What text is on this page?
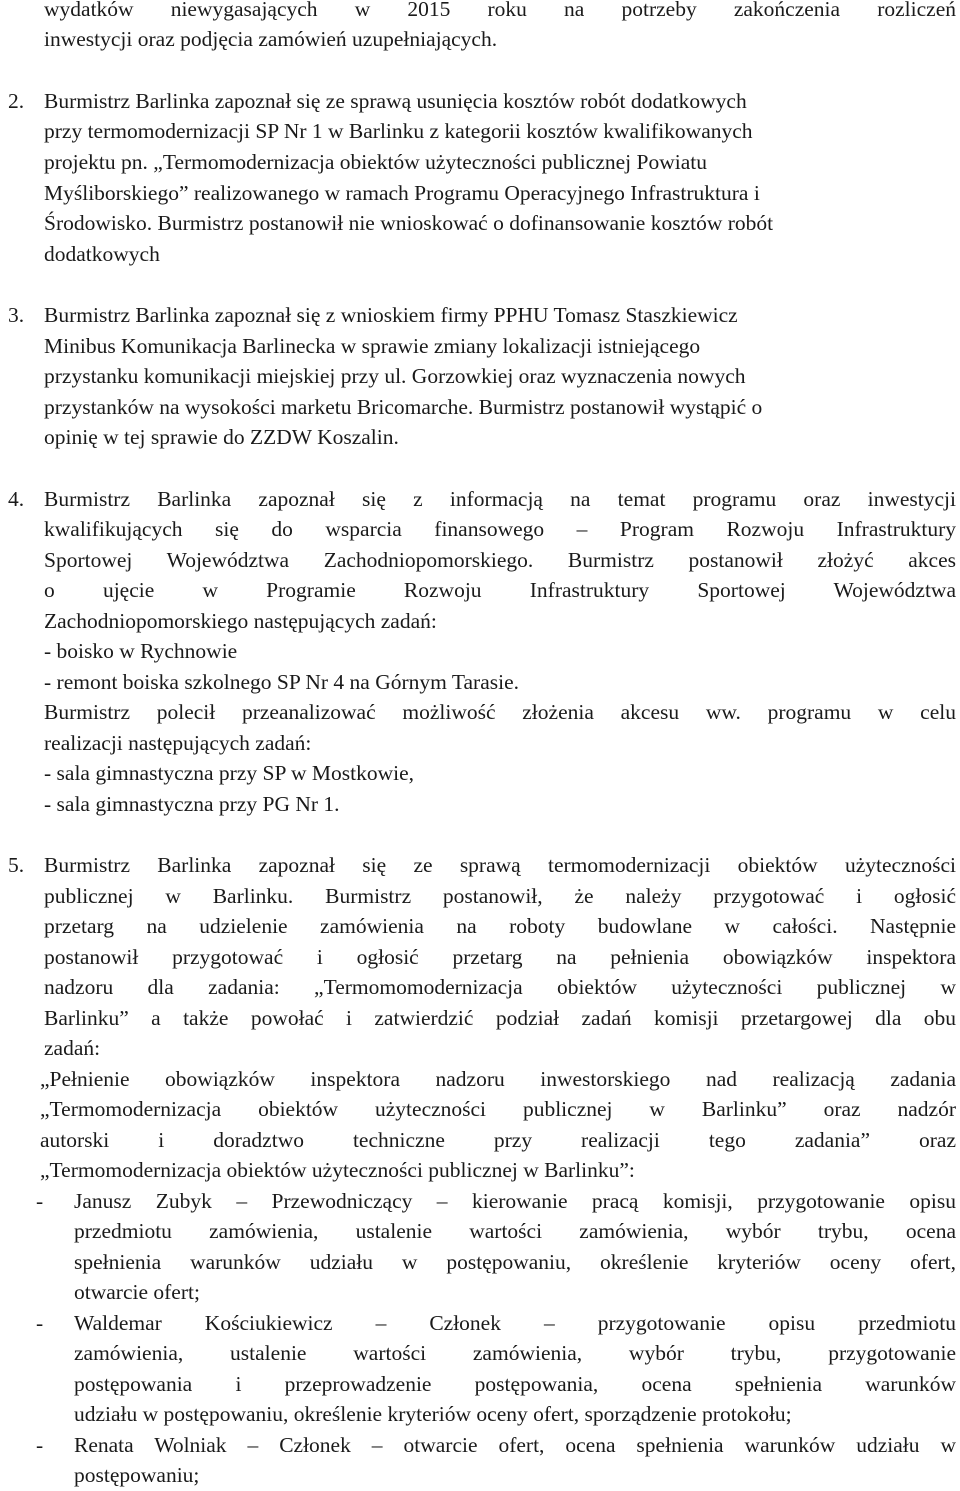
wydatków niewygasających w 2015 roku na potrzeby zakończenia rozliczeń
inwestycji oraz podjęcia zamówień uzupełniających.
2. Burmistrz Barlinka zapoznał się ze sprawą usunięcia kosztów robót dodatkowych
przy termomodernizacji SP Nr 1 w Barlinku z kategorii kosztów kwalifikowanych
projektu pn. „Termomodernizacja obiektów użyteczności publicznej Powiatu
Myśliborskiego” realizowanego w ramach Programu Operacyjnego Infrastruktura i
Środowisko. Burmistrz postanowił nie wnioskować o dofinansowanie kosztów robót
dodatkowych
3. Burmistrz Barlinka zapoznał się z wnioskiem firmy PPHU Tomasz Staszkiewicz
Minibus Komunikacja Barlinecka w sprawie zmiany lokalizacji istniejącego
przystanku komunikacji miejskiej przy ul. Gorzowkiej oraz wyznaczenia nowych
przystanków na wysokości marketu Bricomarche. Burmistrz postanowił wystąpić o
opinię w tej sprawie do ZZDW Koszalin.
4. Burmistrz Barlinka zapoznał się z informacją na temat programu oraz inwestycji
kwalifikujących się do wsparcia finansowego – Program Rozwoju Infrastruktury
Sportowej Województwa Zachodniopomorskiego. Burmistrz postanowił złożyć akces
o ujęcie w Programie Rozwoju Infrastruktury Sportowej Województwa
Zachodniopomorskiego następujących zadań:
- boisko w Rychnowie
- remont boiska szkolnego SP Nr 4 na Górnym Tarasie.
Burmistrz polecił przeanalizować możliwość złożenia akcesu ww. programu w celu
realizacji następujących zadań:
- sala gimnastyczna przy SP w Mostkowie,
- sala gimnastyczna przy PG Nr 1.
5. Burmistrz Barlinka zapoznał się ze sprawą termomodernizacji obiektów użyteczności
publicznej w Barlinku. Burmistrz postanowił, że należy przygotować i ogłosić
przetarg na udzielenie zamówienia na roboty budowlane w całości. Następnie
postanowił przygotować i ogłosić przetarg na pełnienia obowiązków inspektora
nadzoru dla zadania: „Termomomodernizacja obiektów użyteczności publicznej w
Barlinku” a także powołać i zatwierdzić podział zadań komisji przetargowej dla obu
zadań:
„Pełnienie obowiązków inspektora nadzoru inwestorskiego nad realizacją zadania
„Termomodernizacja obiektów użyteczności publicznej w Barlinku” oraz nadzór
autorski i doradztwo techniczne przy realizacji tego zadania” oraz
„Termomodernizacja obiektów użyteczności publicznej w Barlinku”:
- Janusz Zubyk – Przewodniczący – kierowanie pracą komisji, przygotowanie opisu
przedmiotu zamówienia, ustalenie wartości zamówienia, wybór trybu, ocena
spełnienia warunków udziału w postępowaniu, określenie kryteriów oceny ofert,
otwarcie ofert;
- Waldemar Kościukiewicz – Członek – przygotowanie opisu przedmiotu
zamówienia, ustalenie wartości zamówienia, wybór trybu, przygotowanie
postępowania i przeprowadzenie postępowania, ocena spełnienia warunków
udziału w postępowaniu, określenie kryteriów oceny ofert, sporządzenie protokołu;
- Renata Wolniak – Członek – otwarcie ofert, ocena spełnienia warunków udziału w
postępowaniu;
